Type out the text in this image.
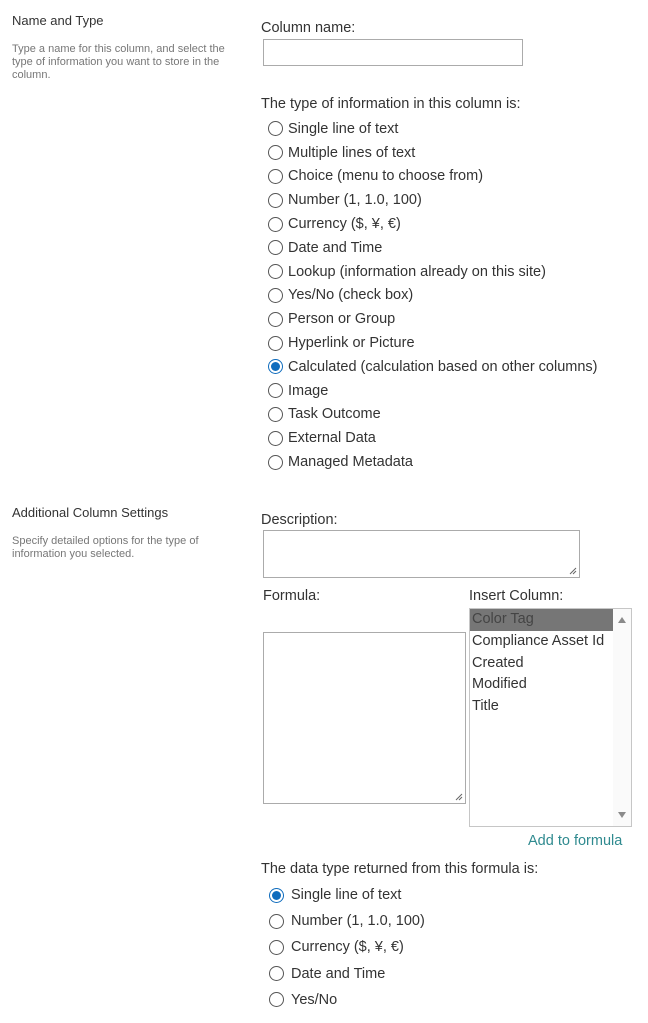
Name and Type
Type a name for this column, and select the type of information you want to store in the column.
Column name:
The type of information in this column is:
Single line of text
Multiple lines of text
Choice (menu to choose from)
Number (1, 1.0, 100)
Currency ($, ¥, €)
Date and Time
Lookup (information already on this site)
Yes/No (check box)
Person or Group
Hyperlink or Picture
Calculated (calculation based on other columns)
Image
Task Outcome
External Data
Managed Metadata
Additional Column Settings
Specify detailed options for the type of information you selected.
Description:
Formula:	Insert Column:
Color Tag
Compliance Asset Id
Created
Modified
Title
Add to formula
The data type returned from this formula is:
Single line of text
Number (1, 1.0, 100)
Currency ($, ¥, €)
Date and Time
Yes/No
